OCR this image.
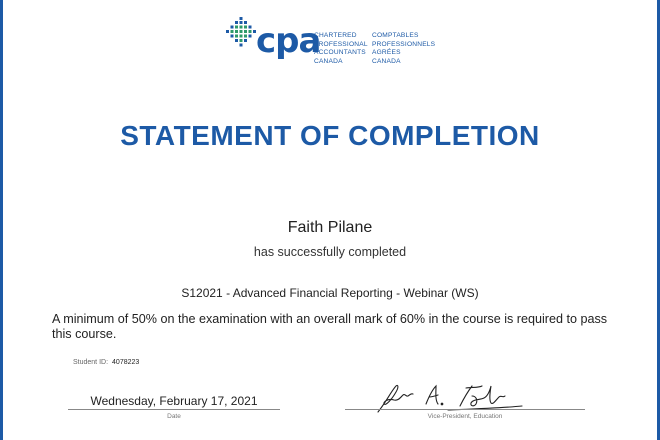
cpa
CHARTERED
PROFESSIONAL
ACCOUNTANTS
CANADA
COMPTABLES
PROFESSIONNELS
AGRÉES
CANADA
STATEMENT OF COMPLETION
Faith Pilane
has successfully completed
S12021 - Advanced Financial Reporting - Webinar (WS)
A minimum of 50% on the examination with an overall mark of 60% in the course is required to pass this course.
Student ID: 4078223
Wednesday, February 17, 2021
Date	Vice-President, Education
